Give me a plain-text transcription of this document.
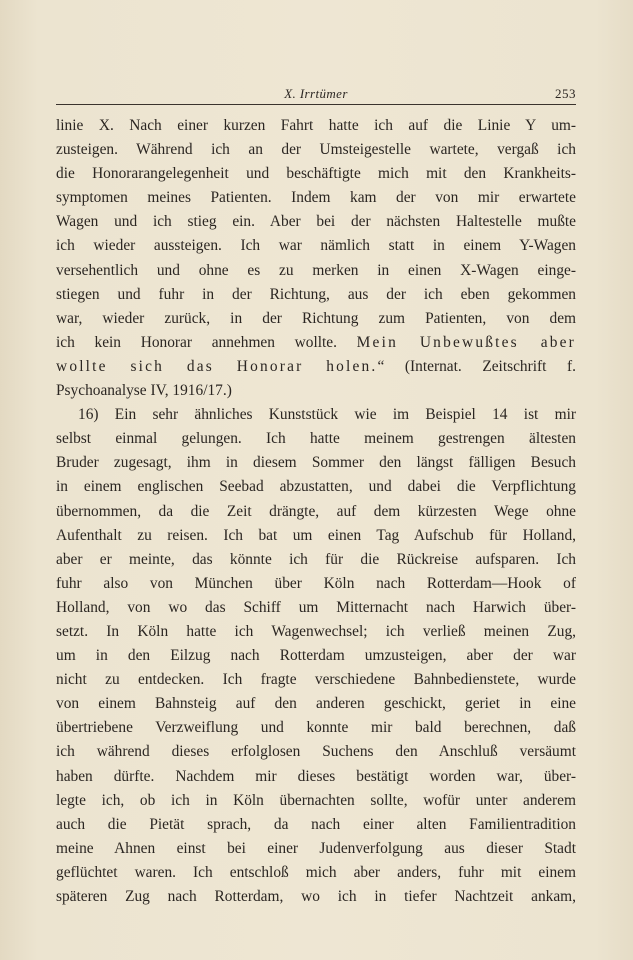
X. Irrtümer	253
linie X. Nach einer kurzen Fahrt hatte ich auf die Linie Y um-
zusteigen. Während ich an der Umsteigestelle wartete, vergaß ich
die Honorarangelegenheit und beschäftigte mich mit den Krankheits-
symptomen meines Patienten. Indem kam der von mir erwartete
Wagen und ich stieg ein. Aber bei der nächsten Haltestelle mußte
ich wieder aussteigen. Ich war nämlich statt in einem Y-Wagen
versehentlich und ohne es zu merken in einen X-Wagen einge-
stiegen und fuhr in der Richtung, aus der ich eben gekommen
war, wieder zurück, in der Richtung zum Patienten, von dem
ich kein Honorar annehmen wollte. Mein Unbewußtes aber
wollte sich das Honorar holen.“ (Internat. Zeitschrift f.
Psychoanalyse IV, 1916/17.)
16) Ein sehr ähnliches Kunststück wie im Beispiel 14 ist mir
selbst einmal gelungen. Ich hatte meinem gestrengen ältesten
Bruder zugesagt, ihm in diesem Sommer den längst fälligen Besuch
in einem englischen Seebad abzustatten, und dabei die Verpflichtung
übernommen, da die Zeit drängte, auf dem kürzesten Wege ohne
Aufenthalt zu reisen. Ich bat um einen Tag Aufschub für Holland,
aber er meinte, das könnte ich für die Rückreise aufsparen. Ich
fuhr also von München über Köln nach Rotterdam—Hook of
Holland, von wo das Schiff um Mitternacht nach Harwich über-
setzt. In Köln hatte ich Wagenwechsel; ich verließ meinen Zug,
um in den Eilzug nach Rotterdam umzusteigen, aber der war
nicht zu entdecken. Ich fragte verschiedene Bahnbedienstete, wurde
von einem Bahnsteig auf den anderen geschickt, geriet in eine
übertriebene Verzweiflung und konnte mir bald berechnen, daß
ich während dieses erfolglosen Suchens den Anschluß versäumt
haben dürfte. Nachdem mir dieses bestätigt worden war, über-
legte ich, ob ich in Köln übernachten sollte, wofür unter anderem
auch die Pietät sprach, da nach einer alten Familientradition
meine Ahnen einst bei einer Judenverfolgung aus dieser Stadt
geflüchtet waren. Ich entschloß mich aber anders, fuhr mit einem
späteren Zug nach Rotterdam, wo ich in tiefer Nachtzeit ankam,
